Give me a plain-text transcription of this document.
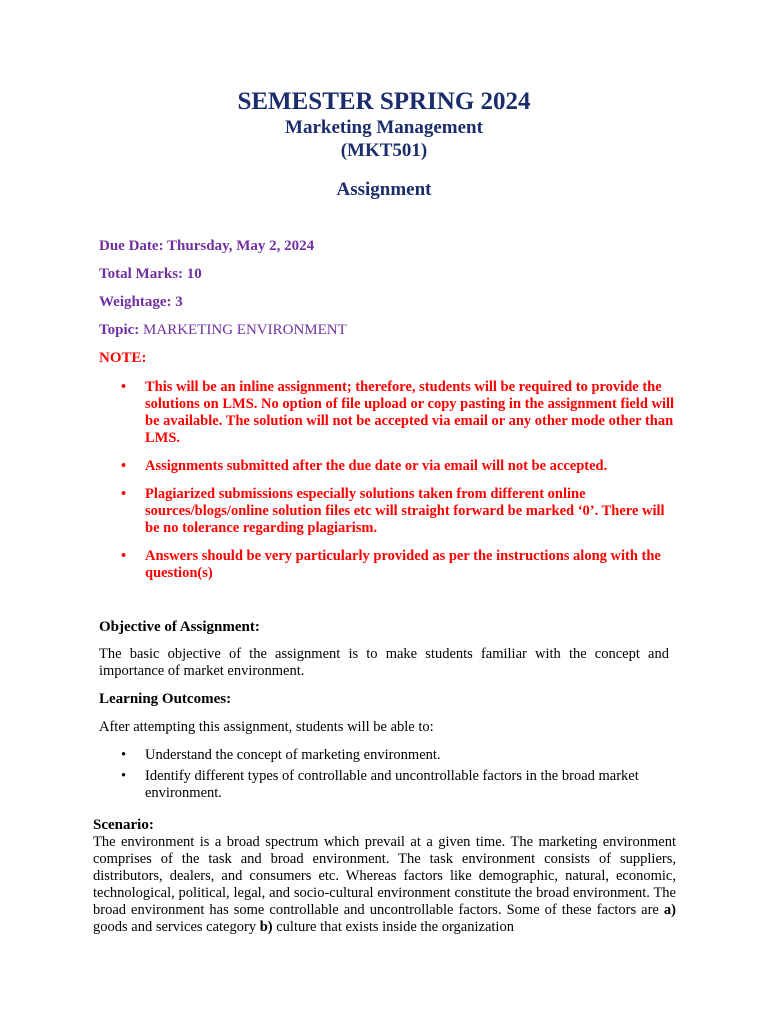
SEMESTER SPRING 2024
Marketing Management
(MKT501)
Assignment
Due Date: Thursday, May 2, 2024
Total Marks: 10
Weightage: 3
Topic: MARKETING ENVIRONMENT
NOTE:
• This will be an inline assignment; therefore, students will be required to provide the solutions on LMS. No option of file upload or copy pasting in the assignment field will be available. The solution will not be accepted via email or any other mode other than LMS.
• Assignments submitted after the due date or via email will not be accepted.
• Plagiarized submissions especially solutions taken from different online sources/blogs/online solution files etc will straight forward be marked ‘0’. There will be no tolerance regarding plagiarism.
• Answers should be very particularly provided as per the instructions along with the question(s)
Objective of Assignment:
The basic objective of the assignment is to make students familiar with the concept and importance of market environment.
Learning Outcomes:
After attempting this assignment, students will be able to:
• Understand the concept of marketing environment.
• Identify different types of controllable and uncontrollable factors in the broad market environment.
Scenario:
The environment is a broad spectrum which prevail at a given time. The marketing environment comprises of the task and broad environment. The task environment consists of suppliers, distributors, dealers, and consumers etc. Whereas factors like demographic, natural, economic, technological, political, legal, and socio-cultural environment constitute the broad environment. The broad environment has some controllable and uncontrollable factors. Some of these factors are a) goods and services category b) culture that exists inside the organization
